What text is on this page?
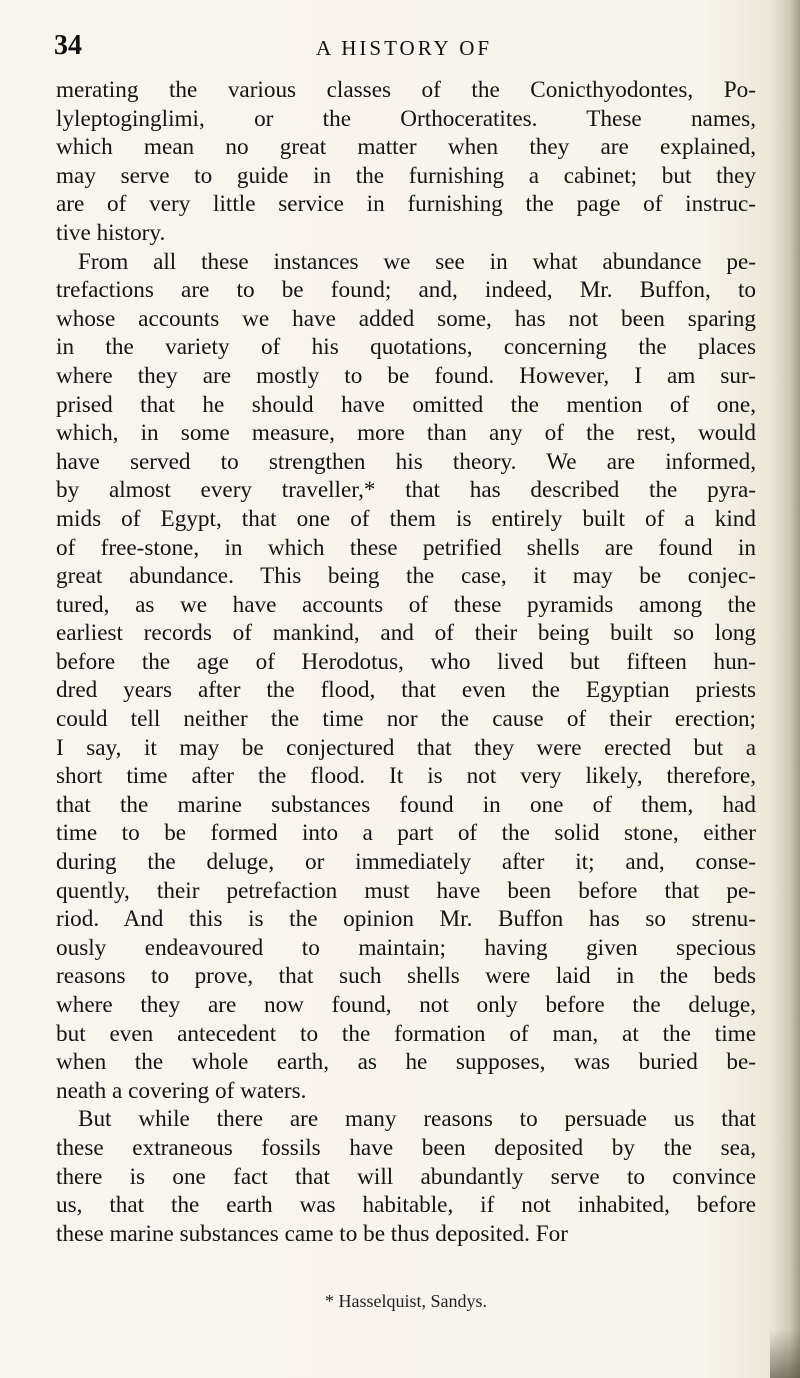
34	A HISTORY OF

merating the various classes of the Conicthyodontes, Po-
lyleptoginglimi, or the Orthoceratites. These names,
which mean no great matter when they are explained,
may serve to guide in the furnishing a cabinet; but they
are of very little service in furnishing the page of instruc-
tive history.

From all these instances we see in what abundance pe-
trefactions are to be found; and, indeed, Mr. Buffon, to
whose accounts we have added some, has not been sparing
in the variety of his quotations, concerning the places
where they are mostly to be found. However, I am sur-
prised that he should have omitted the mention of one,
which, in some measure, more than any of the rest, would
have served to strengthen his theory. We are informed,
by almost every traveller,* that has described the pyra-
mids of Egypt, that one of them is entirely built of a kind
of free-stone, in which these petrified shells are found in
great abundance. This being the case, it may be conjec-
tured, as we have accounts of these pyramids among the
earliest records of mankind, and of their being built so long
before the age of Herodotus, who lived but fifteen hun-
dred years after the flood, that even the Egyptian priests
could tell neither the time nor the cause of their erection;
I say, it may be conjectured that they were erected but a
short time after the flood. It is not very likely, therefore,
that the marine substances found in one of them, had
time to be formed into a part of the solid stone, either
during the deluge, or immediately after it; and, conse-
quently, their petrefaction must have been before that pe-
riod. And this is the opinion Mr. Buffon has so strenu-
ously endeavoured to maintain; having given specious
reasons to prove, that such shells were laid in the beds
where they are now found, not only before the deluge,
but even antecedent to the formation of man, at the time
when the whole earth, as he supposes, was buried be-
neath a covering of waters.

But while there are many reasons to persuade us that
these extraneous fossils have been deposited by the sea,
there is one fact that will abundantly serve to convince
us, that the earth was habitable, if not inhabited, before
these marine substances came to be thus deposited. For

* Hasselquist, Sandys.
